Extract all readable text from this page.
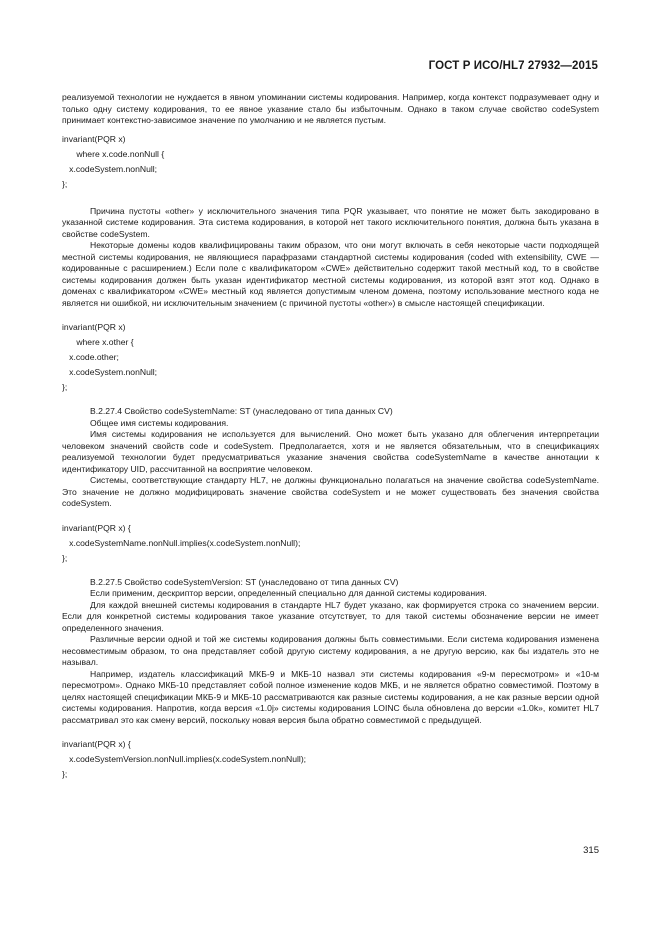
ГОСТ Р ИСО/HL7 27932—2015

реализуемой технологии не нуждается в явном упоминании системы кодирования. Например, когда контекст подразумевает одну и только одну систему кодирования, то ее явное указание стало бы избыточным. Однако в таком случае свойство codeSystem принимает контекстно-зависимое значение по умолчанию и не является пустым.

invariant(PQR x)
where x.code.nonNull {
x.codeSystem.nonNull;
};

Причина пустоты «other» у исключительного значения типа PQR указывает, что понятие не может быть закодировано в указанной системе кодирования. Эта система кодирования, в которой нет такого исключительного понятия, должна быть указана в свойстве codeSystem.

Некоторые домены кодов квалифицированы таким образом, что они могут включать в себя некоторые части подходящей местной системы кодирования, не являющиеся парафразами стандартной системы кодирования (coded with extensibility, CWE — кодированные с расширением.) Если поле с квалификатором «CWE» действительно содержит такой местный код, то в свойстве системы кодирования должен быть указан идентификатор местной системы кодирования, из которой взят этот код. Однако в доменах с квалификатором «CWE» местный код является допустимым членом домена, поэтому использование местного кода не является ни ошибкой, ни исключительным значением (с причиной пустоты «other») в смысле настоящей спецификации.

invariant(PQR x)
where x.other {
x.code.other;
x.codeSystem.nonNull;
};

В.2.27.4 Свойство codeSystemName: ST (унаследовано от типа данных CV)

Общее имя системы кодирования.

Имя системы кодирования не используется для вычислений. Оно может быть указано для облегчения интерпретации человеком значений свойств code и codeSystem. Предполагается, хотя и не является обязательным, что в спецификациях реализуемой технологии будет предусматриваться указание значения свойства codeSystemName в качестве аннотации к идентификатору UID, рассчитанной на восприятие человеком.

Системы, соответствующие стандарту HL7, не должны функционально полагаться на значение свойства codeSystemName. Это значение не должно модифицировать значение свойства codeSystem и не может существовать без значения свойства codeSystem.

invariant(PQR x) {
x.codeSystemName.nonNull.implies(x.codeSystem.nonNull);
};

В.2.27.5 Свойство codeSystemVersion: ST (унаследовано от типа данных CV)

Если применим, дескриптор версии, определенный специально для данной системы кодирования.

Для каждой внешней системы кодирования в стандарте HL7 будет указано, как формируется строка со значением версии. Если для конкретной системы кодирования такое указание отсутствует, то для такой системы обозначение версии не имеет определенного значения.

Различные версии одной и той же системы кодирования должны быть совместимыми. Если система кодирования изменена несовместимым образом, то она представляет собой другую систему кодирования, а не другую версию, как бы издатель это не называл.

Например, издатель классификаций МКБ-9 и МКБ-10 назвал эти системы кодирования «9-м пересмотром» и «10-м пересмотром». Однако МКБ-10 представляет собой полное изменение кодов МКБ, и не является обратно совместимой. Поэтому в целях настоящей спецификации МКБ-9 и МКБ-10 рассматриваются как разные системы кодирования, а не как разные версии одной системы кодирования. Напротив, когда версия «1.0j» системы кодирования LOINC была обновлена до версии «1.0k», комитет HL7 рассматривал это как смену версий, поскольку новая версия была обратно совместимой с предыдущей.

invariant(PQR x) {
x.codeSystemVersion.nonNull.implies(x.codeSystem.nonNull);
};
315
